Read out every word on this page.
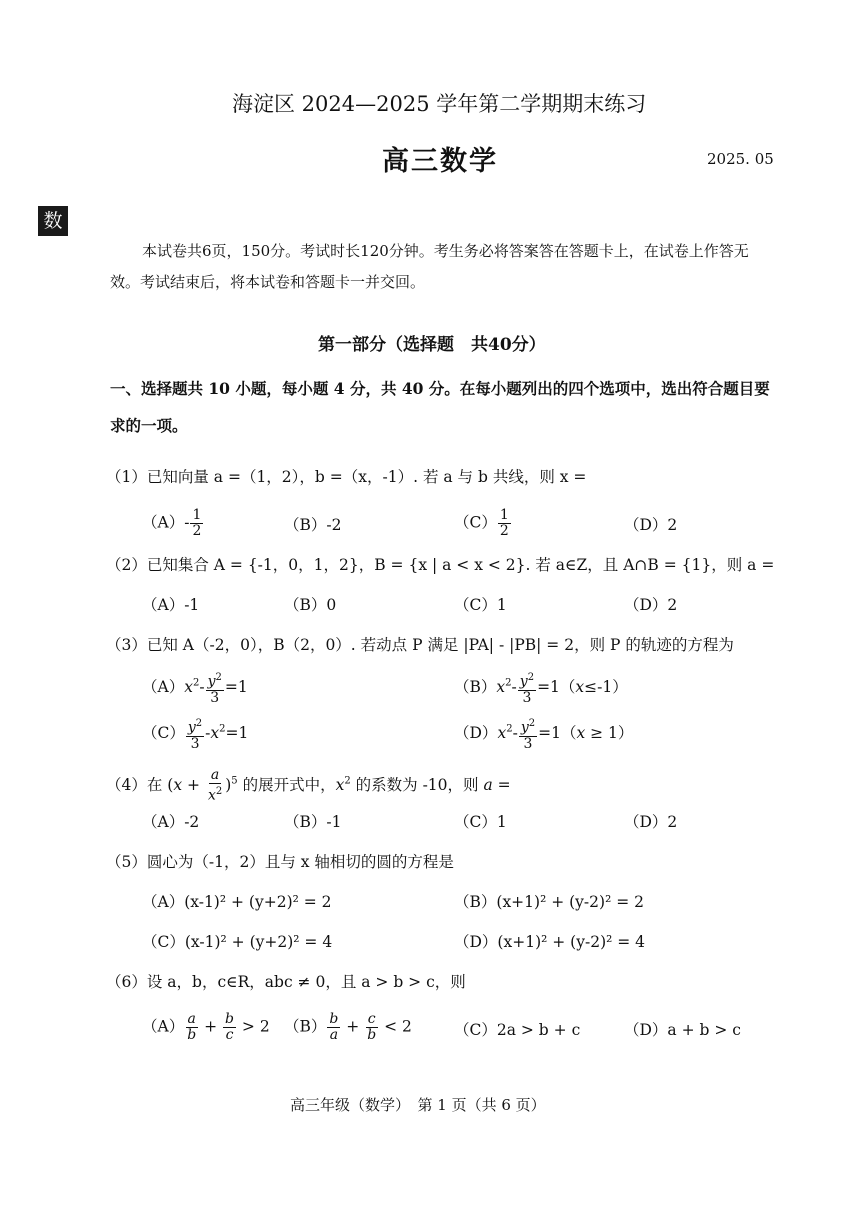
海淀区 2024—2025 学年第二学期期末练习
高三数学	2025. 05
数
本试卷共6页，150分。考试时长120分钟。考生务必将答案答在答题卡上，在试卷上作答无效。考试结束后，将本试卷和答题卡一并交回。
第一部分（选择题　共40分）
一、选择题共 10 小题，每小题 4 分，共 40 分。在每小题列出的四个选项中，选出符合题目要求的一项。
（1）已知向量 a =（1，2），b =（x，-1）. 若 a 与 b 共线，则 x =
$(A)- \frac{1}{2}$	（B）-2	$(C) \frac{1}{2}$	（D）2
（2）已知集合 A = {-1，0，1，2}，B = {x | a < x < 2}. 若 a∈Z，且 A∩B = {1}，则 a =
（A）-1	（B）0	（C）1	（D）2
（3）已知 A（-2，0），B（2，0）. 若动点 P 满足 |PA| - |PB| = 2，则 P 的轨迹的方程为
$(A)x^2- \frac{y^2}{3} =1$	$(B)x^2- \frac{y^2}{3} =1(x\le-1)$
$(C) \frac{y^2}{3} -x^2=1$	$(D)x^2- \frac{y^2}{3} =1(x \ge 1)$
（4）在 $(x + \frac{a}{x^2} )^5$ 的展开式中，$x^2$ 的系数为 -10，则 a =
（A）-2	（B）-1	（C）1	（D）2
（5）圆心为（-1，2）且与 x 轴相切的圆的方程是
（A）(x-1)² + (y+2)² = 2	（B）(x+1)² + (y-2)² = 2
（C）(x-1)² + (y+2)² = 4	（D）(x+1)² + (y-2)² = 4
（6）设 a，b，c∈R，abc ≠ 0，且 a > b > c，则
$(A) \frac{a}{b} + \frac{b}{c} > 2$ $(B) \frac{b}{a} + \frac{c}{b} < 2$	（C）2a > b + c	（D）a + b > c
高三年级（数学）　第 1 页（共 6 页）
